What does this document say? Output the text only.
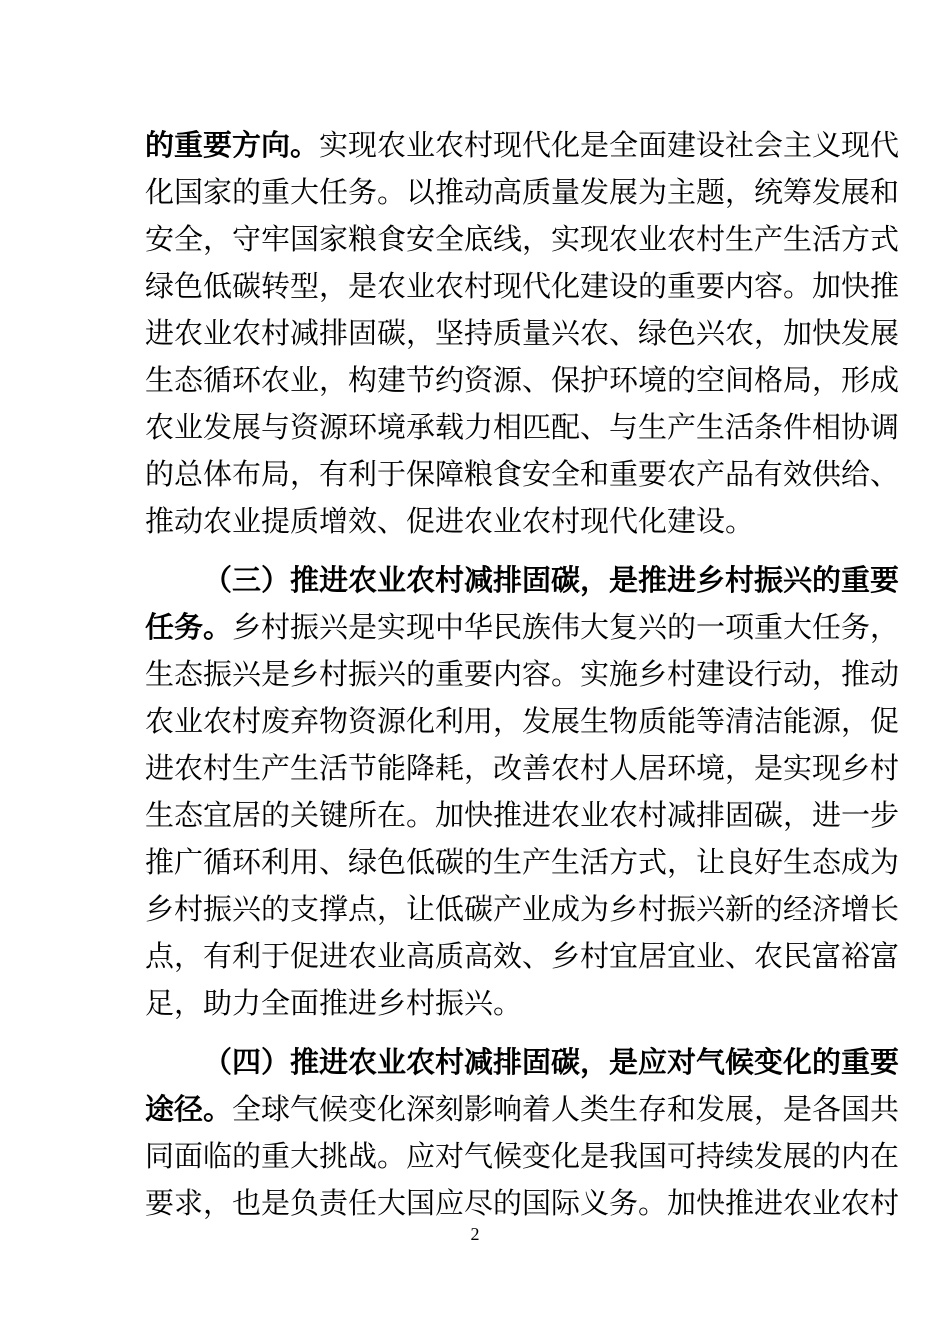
的重要方向。实现农业农村现代化是全面建设社会主义现代
化国家的重大任务。以推动高质量发展为主题，统筹发展和
安全，守牢国家粮食安全底线，实现农业农村生产生活方式
绿色低碳转型，是农业农村现代化建设的重要内容。加快推
进农业农村减排固碳，坚持质量兴农、绿色兴农，加快发展
生态循环农业，构建节约资源、保护环境的空间格局，形成
农业发展与资源环境承载力相匹配、与生产生活条件相协调
的总体布局，有利于保障粮食安全和重要农产品有效供给、
推动农业提质增效、促进农业农村现代化建设。
（三）推进农业农村减排固碳，是推进乡村振兴的重要
任务。乡村振兴是实现中华民族伟大复兴的一项重大任务，
生态振兴是乡村振兴的重要内容。实施乡村建设行动，推动
农业农村废弃物资源化利用，发展生物质能等清洁能源，促
进农村生产生活节能降耗，改善农村人居环境，是实现乡村
生态宜居的关键所在。加快推进农业农村减排固碳，进一步
推广循环利用、绿色低碳的生产生活方式，让良好生态成为
乡村振兴的支撑点，让低碳产业成为乡村振兴新的经济增长
点，有利于促进农业高质高效、乡村宜居宜业、农民富裕富
足，助力全面推进乡村振兴。
（四）推进农业农村减排固碳，是应对气候变化的重要
途径。全球气候变化深刻影响着人类生存和发展，是各国共
同面临的重大挑战。应对气候变化是我国可持续发展的内在
要求，也是负责任大国应尽的国际义务。加快推进农业农村
2
